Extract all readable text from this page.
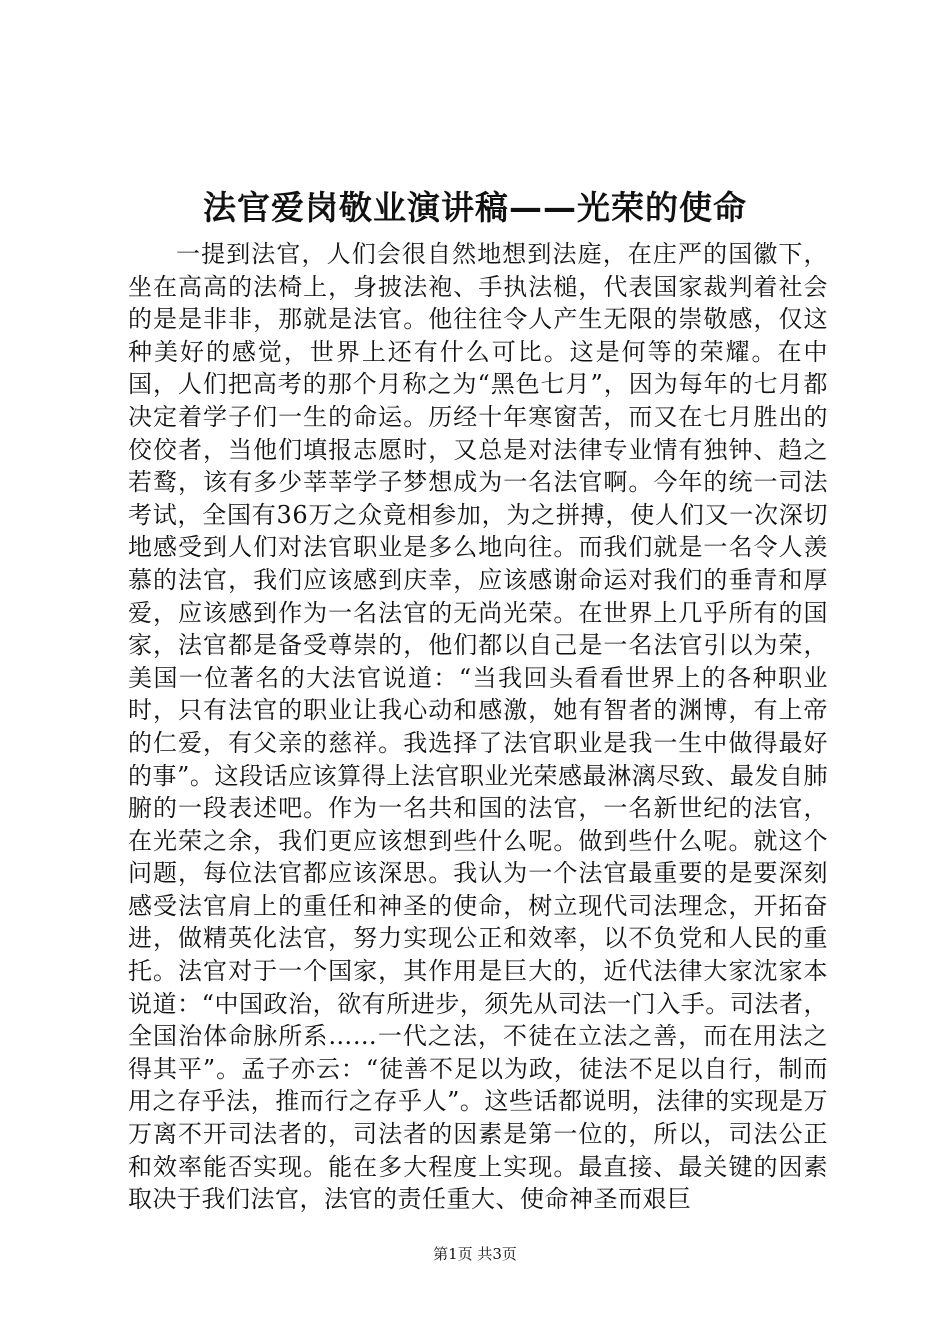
法官爱岗敬业演讲稿——光荣的使命

一提到法官，人们会很自然地想到法庭，在庄严的国徽下，坐在高高的法椅上，身披法袍、手执法槌，代表国家裁判着社会的是是非非，那就是法官。他往往令人产生无限的崇敬感，仅这种美好的感觉，世界上还有什么可比。这是何等的荣耀。在中国，人们把高考的那个月称之为“黑色七月”，因为每年的七月都决定着学子们一生的命运。历经十年寒窗苦，而又在七月胜出的佼佼者，当他们填报志愿时，又总是对法律专业情有独钟、趋之若鹜，该有多少莘莘学子梦想成为一名法官啊。今年的统一司法考试，全国有36万之众竟相参加，为之拼搏，使人们又一次深切地感受到人们对法官职业是多么地向往。而我们就是一名令人羡慕的法官，我们应该感到庆幸，应该感谢命运对我们的垂青和厚爱，应该感到作为一名法官的无尚光荣。在世界上几乎所有的国家，法官都是备受尊崇的，他们都以自己是一名法官引以为荣，美国一位著名的大法官说道：“当我回头看看世界上的各种职业时，只有法官的职业让我心动和感激，她有智者的渊博，有上帝的仁爱，有父亲的慈祥。我选择了法官职业是我一生中做得最好的事”。这段话应该算得上法官职业光荣感最淋漓尽致、最发自肺腑的一段表述吧。作为一名共和国的法官，一名新世纪的法官，在光荣之余，我们更应该想到些什么呢。做到些什么呢。就这个问题，每位法官都应该深思。我认为一个法官最重要的是要深刻感受法官肩上的重任和神圣的使命，树立现代司法理念，开拓奋进，做精英化法官，努力实现公正和效率，以不负党和人民的重托。法官对于一个国家，其作用是巨大的，近代法律大家沈家本说道：“中国政治，欲有所进步，须先从司法一门入手。司法者，全国治体命脉所系……一代之法，不徒在立法之善，而在用法之得其平”。孟子亦云：“徒善不足以为政，徒法不足以自行，制而用之存乎法，推而行之存乎人”。这些话都说明，法律的实现是万万离不开司法者的，司法者的因素是第一位的，所以，司法公正和效率能否实现。能在多大程度上实现。最直接、最关键的因素取决于我们法官，法官的责任重大、使命神圣而艰巨

第1页 共3页
